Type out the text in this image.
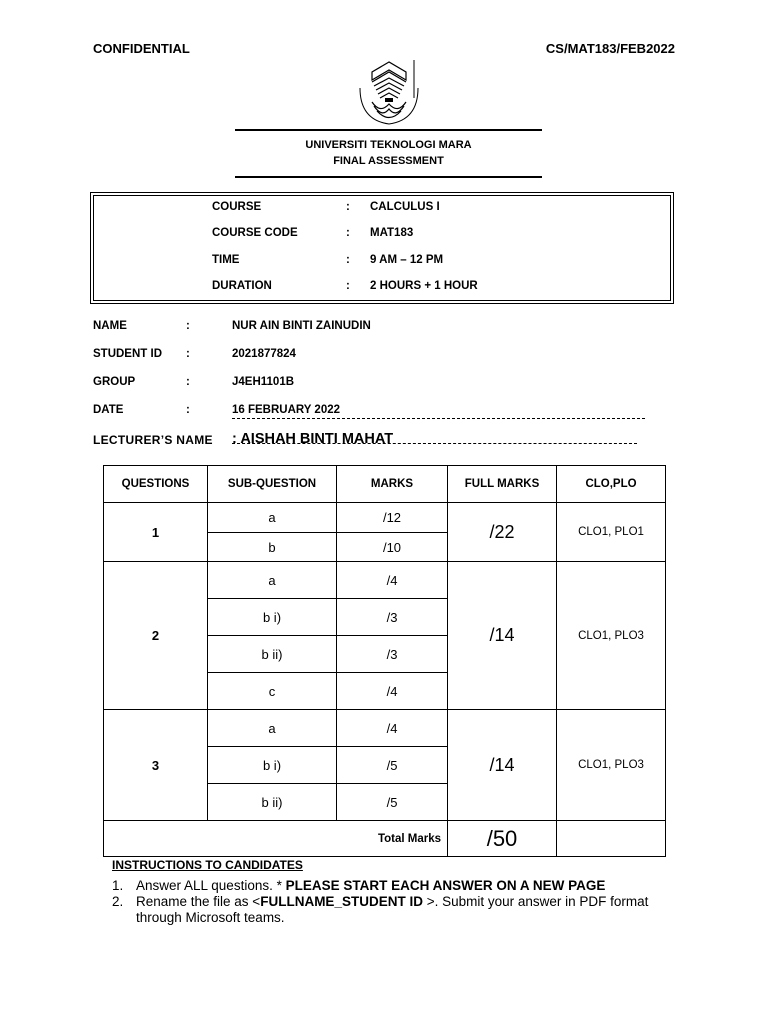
CONFIDENTIAL	CS/MAT183/FEB2022
UNIVERSITI TEKNOLOGI MARA
FINAL ASSESSMENT
COURSE	: CALCULUS I
COURSE CODE	: MAT183
TIME	: 9 AM – 12 PM
DURATION	: 2 HOURS + 1 HOUR
NAME	:	NUR AIN BINTI ZAINUDIN
STUDENT ID :	2021877824
GROUP	:	J4EH1101B
DATE	:	16 FEBRUARY 2022
LECTURER’S NAME : AISHAH BINTI MAHAT
QUESTIONS	SUB-QUESTION	MARKS	FULL MARKS	CLO,PLO
1	a	/12	/22	CLO1, PLO1
	b	/10		
2	a	/4	/14	CLO1, PLO3
	b i)	/3		
	b ii)	/3		
	c	/4		
3	a	/4	/14	CLO1, PLO3
	b i)	/5		
	b ii)	/5		
Total Marks			/50	
INSTRUCTIONS TO CANDIDATES
1. Answer ALL questions. * PLEASE START EACH ANSWER ON A NEW PAGE
2. Rename the file as <FULLNAME_STUDENT ID >. Submit your answer in PDF format
through Microsoft teams.
